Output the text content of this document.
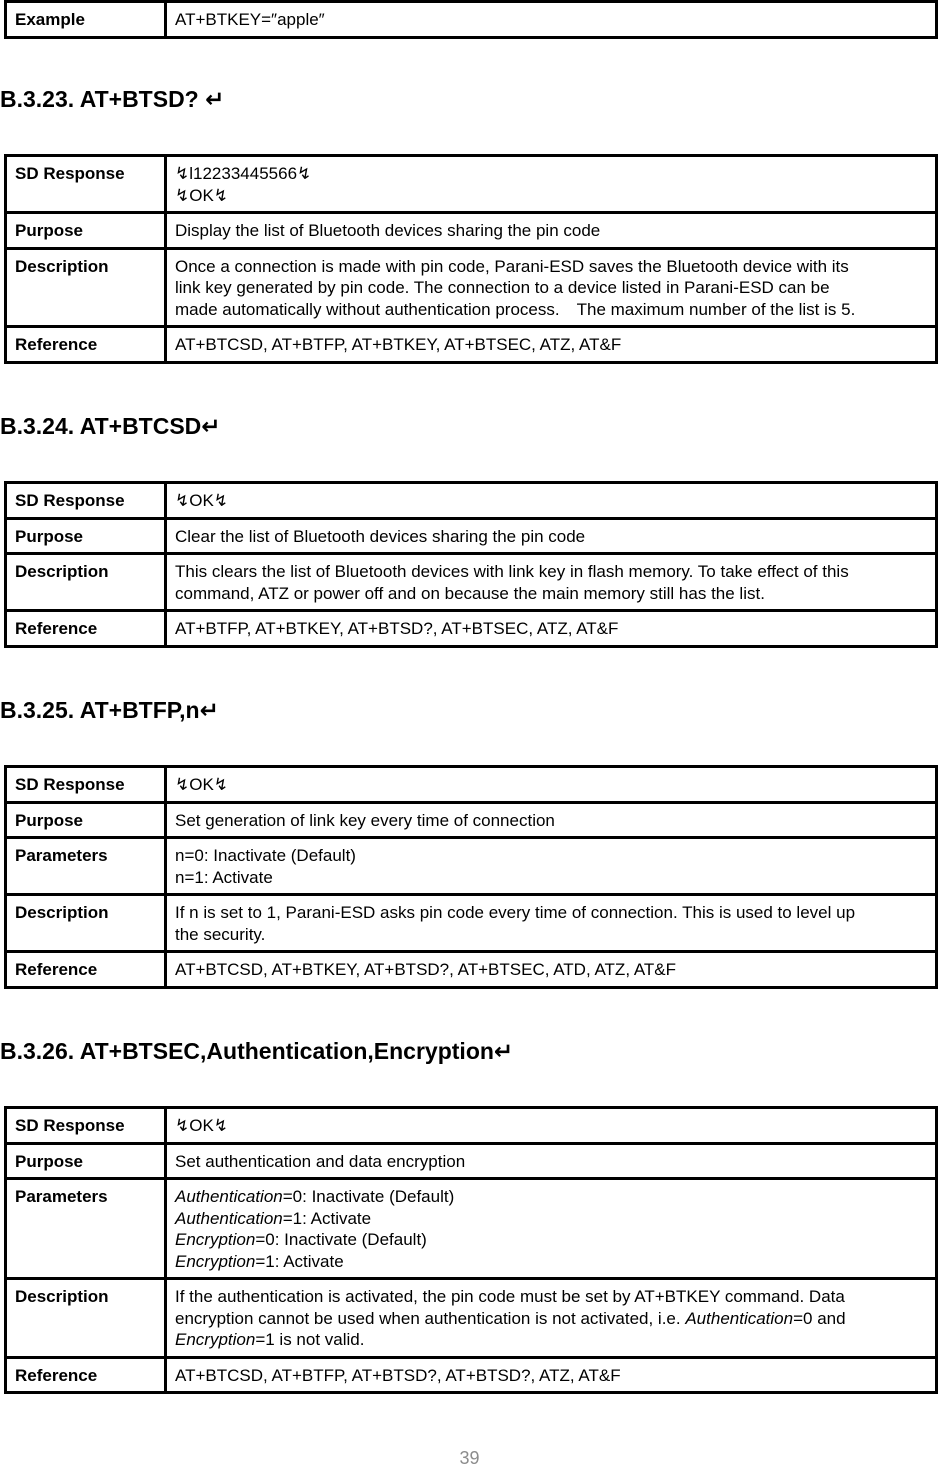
Example	AT+BTKEY=″apple″
B.3.23. AT+BTSD? ↵
SD Response	↯l12233445566↯
↯OK↯

Purpose	Display the list of Bluetooth devices sharing the pin code

Description	Once a connection is made with pin code, Parani-ESD saves the Bluetooth device with its
link key generated by pin code. The connection to a device listed in Parani-ESD can be
made automatically without authentication process.　The maximum number of the list is 5.

Reference	AT+BTCSD, AT+BTFP, AT+BTKEY, AT+BTSEC, ATZ, AT&F
B.3.24. AT+BTCSD↵
SD Response	↯OK↯

Purpose	Clear the list of Bluetooth devices sharing the pin code

Description	This clears the list of Bluetooth devices with link key in flash memory. To take effect of this
command, ATZ or power off and on because the main memory still has the list.

Reference	AT+BTFP, AT+BTKEY, AT+BTSD?, AT+BTSEC, ATZ, AT&F
B.3.25. AT+BTFP,n↵
SD Response	↯OK↯

Purpose	Set generation of link key every time of connection

Parameters	n=0: Inactivate (Default)
n=1: Activate

Description	If n is set to 1, Parani-ESD asks pin code every time of connection. This is used to level up
the security.

Reference	AT+BTCSD, AT+BTKEY, AT+BTSD?, AT+BTSEC, ATD, ATZ, AT&F
B.3.26. AT+BTSEC,Authentication,Encryption↵
SD Response	↯OK↯

Purpose	Set authentication and data encryption

Parameters	Authentication=0: Inactivate (Default)
Authentication=1: Activate
Encryption=0: Inactivate (Default)
Encryption=1: Activate

Description	If the authentication is activated, the pin code must be set by AT+BTKEY command. Data
encryption cannot be used when authentication is not activated, i.e. Authentication=0 and
Encryption=1 is not valid.

Reference	AT+BTCSD, AT+BTFP, AT+BTSD?, AT+BTSD?, ATZ, AT&F
39
